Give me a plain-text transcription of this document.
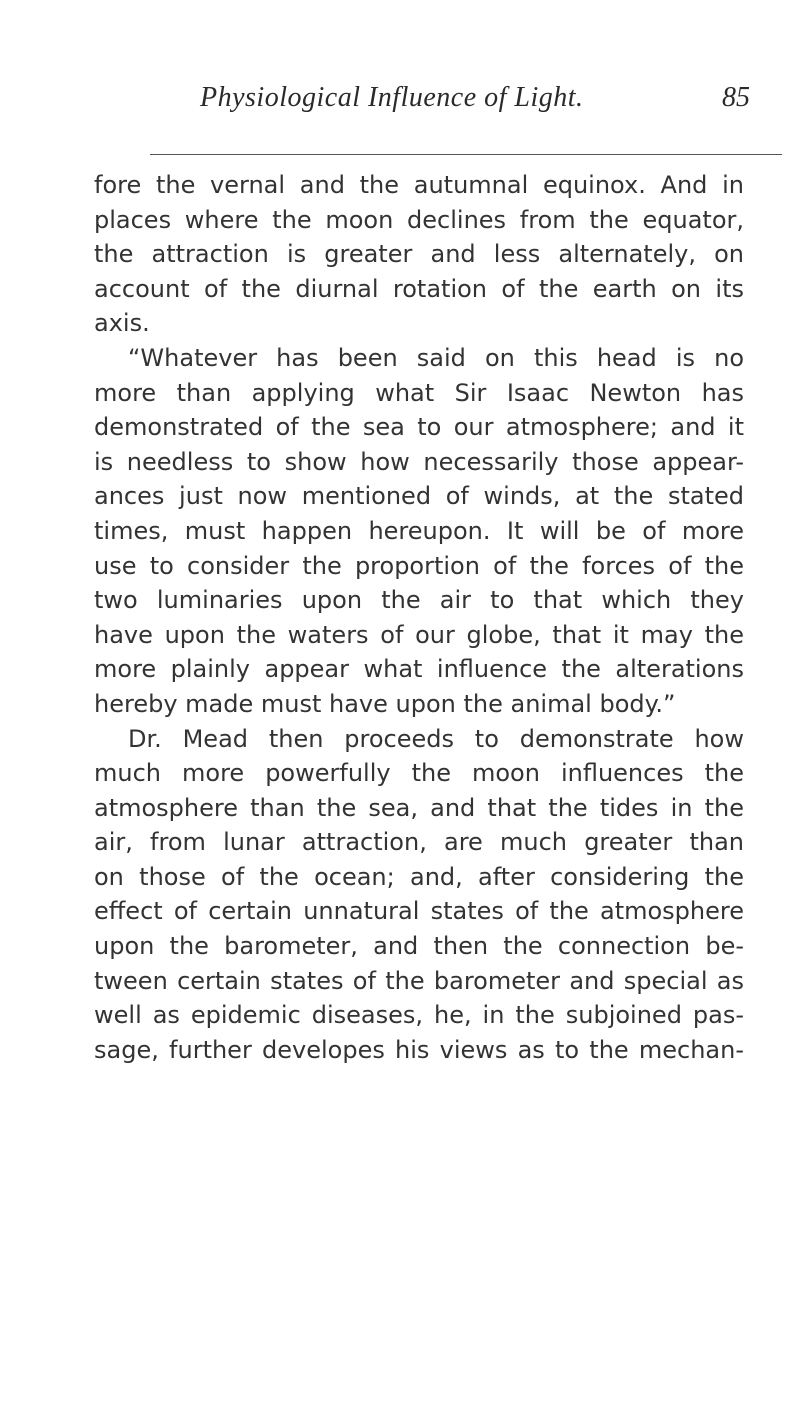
Physiological Influence of Light.	85
fore the vernal and the autumnal equinox. And in
places where the moon declines from the equator,
the attraction is greater and less alternately, on
account of the diurnal rotation of the earth on its
axis.
“Whatever has been said on this head is no
more than applying what Sir Isaac Newton has
demonstrated of the sea to our atmosphere; and it
is needless to show how necessarily those appear-
ances just now mentioned of winds, at the stated
times, must happen hereupon. It will be of more
use to consider the proportion of the forces of the
two luminaries upon the air to that which they
have upon the waters of our globe, that it may the
more plainly appear what influence the alterations
hereby made must have upon the animal body.”
Dr. Mead then proceeds to demonstrate how
much more powerfully the moon influences the
atmosphere than the sea, and that the tides in the
air, from lunar attraction, are much greater than
on those of the ocean; and, after considering the
effect of certain unnatural states of the atmosphere
upon the barometer, and then the connection be-
tween certain states of the barometer and special as
well as epidemic diseases, he, in the subjoined pas-
sage, further developes his views as to the mechan-
